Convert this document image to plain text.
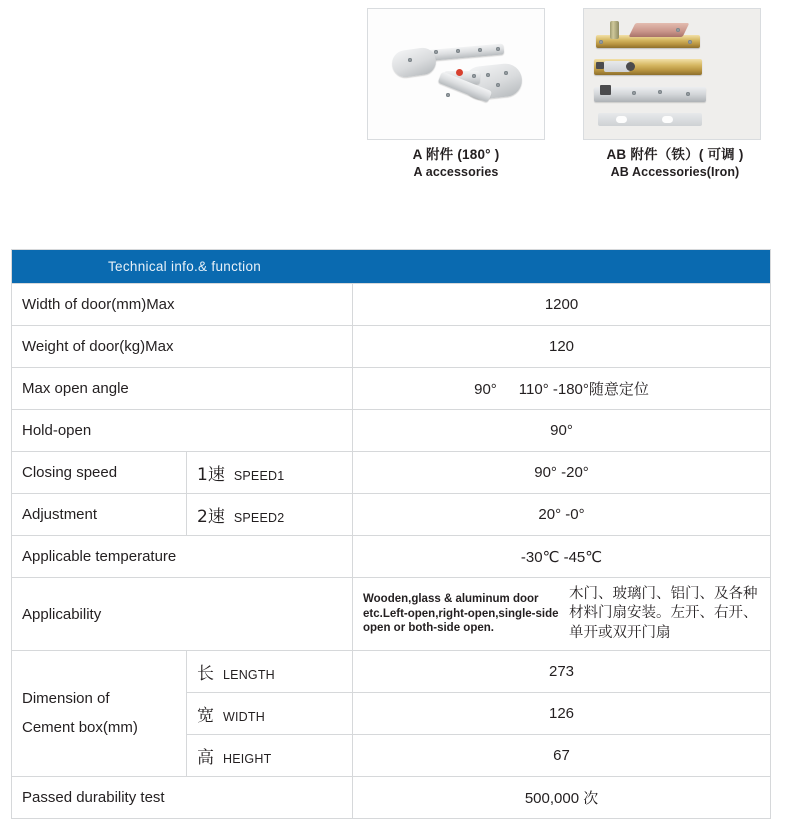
A 附件 (180° )
A accessories
AB 附件（铁）( 可调 )
AB Accessories(Iron)
Technical info.& function		

Width of door(mm)Max		1200
Weight of door(kg)Max		120
Max open angle		90° 110° -180°随意定位
Hold-open		90°
Closing speed	1速 SPEED1	90° -20°
Adjustment	2速 SPEED2	20° -0°
Applicable temperature		-30℃ -45℃
Applicability		Wooden,glass & aluminum door etc.Left-open,right-open,single-side open or both-side open.
木门、玻璃门、铝门、及各种材料门扇安装。左开、右开、单开或双开门扇

Dimension of
Cement box(mm)	长 LENGTH	273
	宽 WIDTH	126
	高 HEIGHT	67
Passed durability test		500,000 次
